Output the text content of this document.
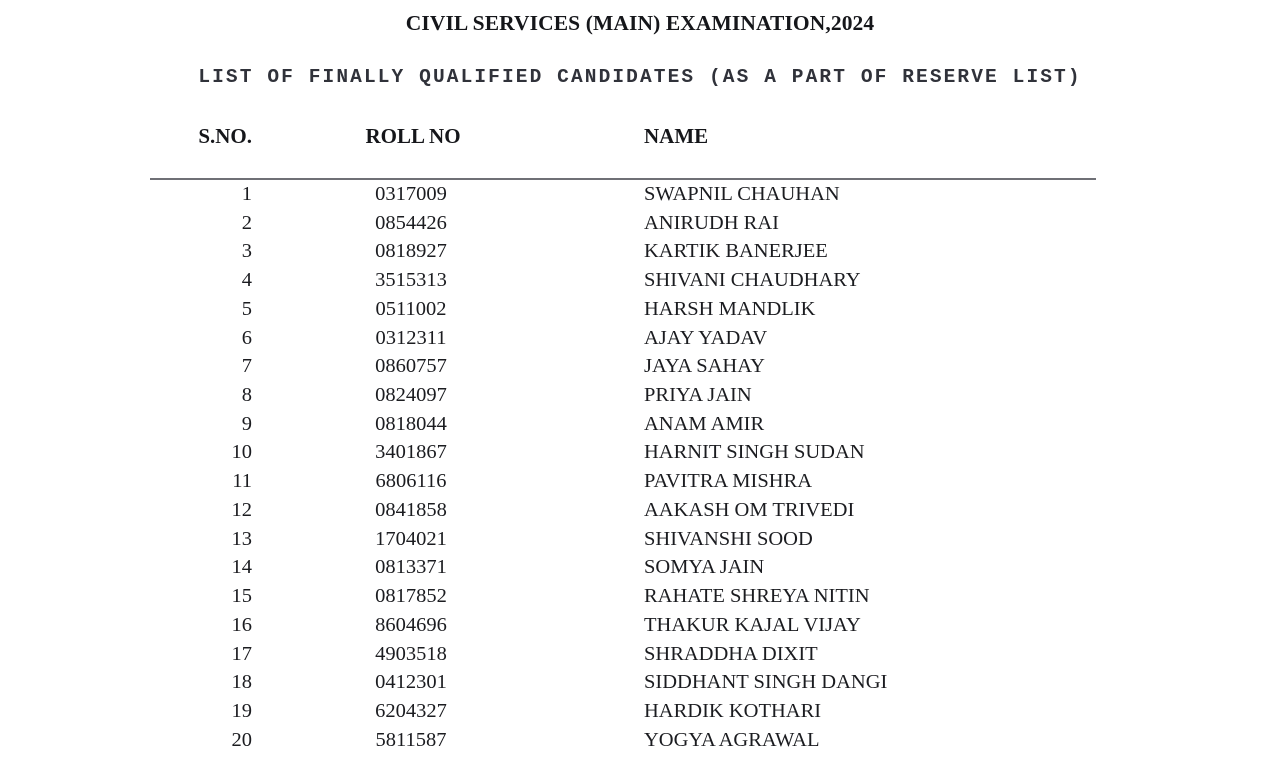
CIVIL SERVICES (MAIN) EXAMINATION,2024
LIST OF FINALLY QUALIFIED CANDIDATES (AS A PART OF RESERVE LIST)
S.NO.	ROLL NO	NAME
1	0317009	SWAPNIL CHAUHAN
2	0854426	ANIRUDH RAI
3	0818927	KARTIK BANERJEE
4	3515313	SHIVANI CHAUDHARY
5	0511002	HARSH MANDLIK
6	0312311	AJAY YADAV
7	0860757	JAYA SAHAY
8	0824097	PRIYA JAIN
9	0818044	ANAM AMIR
10	3401867	HARNIT SINGH SUDAN
11	6806116	PAVITRA MISHRA
12	0841858	AAKASH OM TRIVEDI
13	1704021	SHIVANSHI SOOD
14	0813371	SOMYA JAIN
15	0817852	RAHATE SHREYA NITIN
16	8604696	THAKUR KAJAL VIJAY
17	4903518	SHRADDHA DIXIT
18	0412301	SIDDHANT SINGH DANGI
19	6204327	HARDIK KOTHARI
20	5811587	YOGYA AGRAWAL
